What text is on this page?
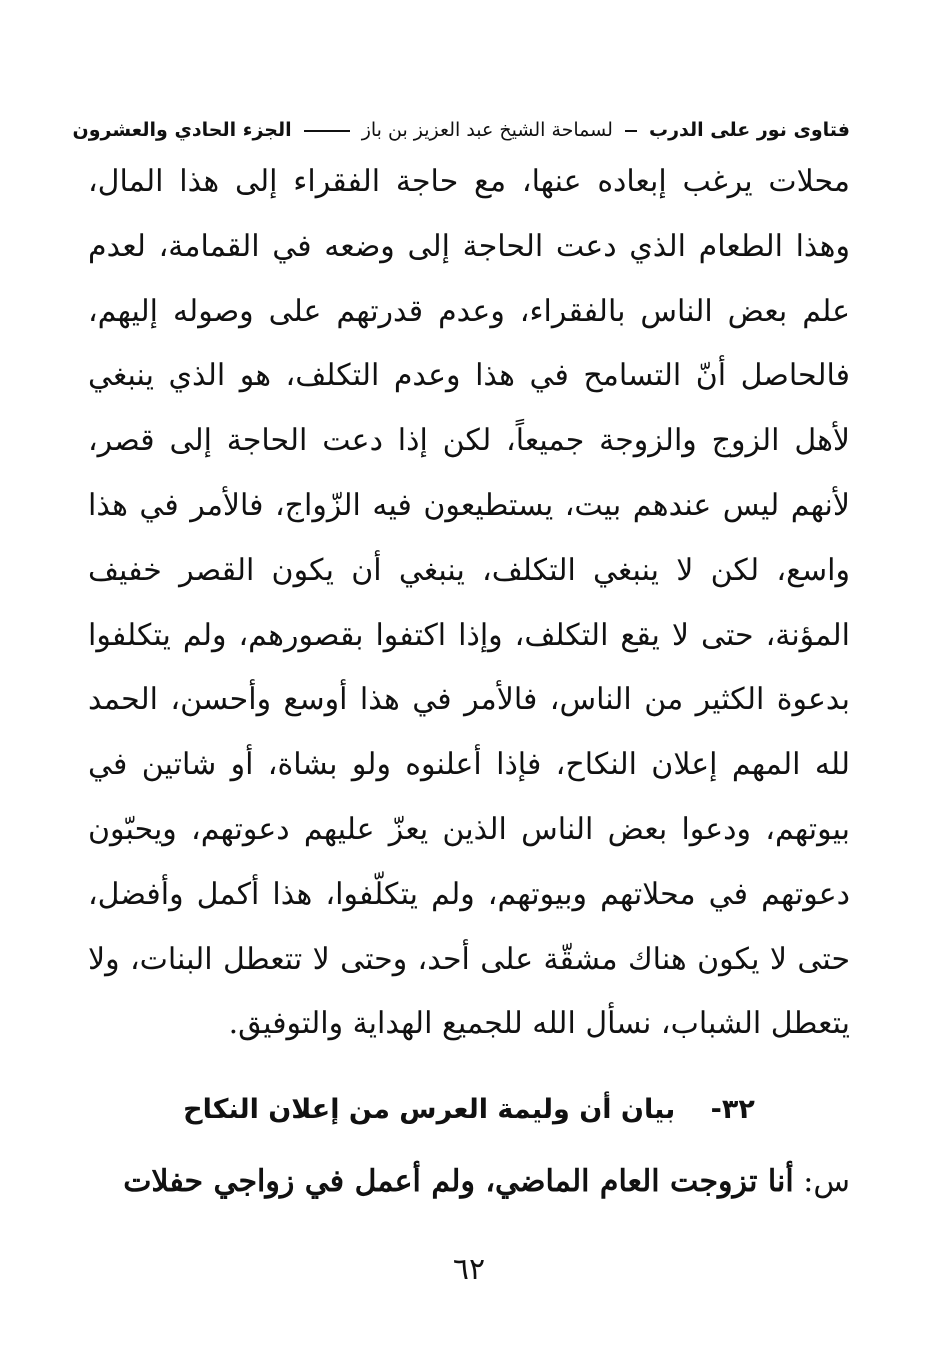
فتاوى نور على الدرب  لسماحة الشيخ عبد العزيز بن باز  الجزء الحادي والعشرون

محلات يرغب إبعاده عنها، مع حاجة الفقراء إلى هذا المال، وهذا الطعام الذي دعت الحاجة إلى وضعه في القمامة، لعدم علم بعض الناس بالفقراء، وعدم قدرتهم على وصوله إليهم، فالحاصل أنّ التسامح في هذا وعدم التكلف، هو الذي ينبغي لأهل الزوج والزوجة جميعاً، لكن إذا دعت الحاجة إلى قصر، لأنهم ليس عندهم بيت، يستطيعون فيه الزّواج، فالأمر في هذا واسع، لكن لا ينبغي التكلف، ينبغي أن يكون القصر خفيف المؤنة، حتى لا يقع التكلف، وإذا اكتفوا بقصورهم، ولم يتكلفوا بدعوة الكثير من الناس، فالأمر في هذا أوسع وأحسن، الحمد لله المهم إعلان النكاح، فإذا أعلنوه ولو بشاة، أو شاتين في بيوتهم، ودعوا بعض الناس الذين يعزّ عليهم دعوتهم، ويحبّون دعوتهم في محلاتهم وبيوتهم، ولم يتكلّفوا، هذا أكمل وأفضل، حتى لا يكون هناك مشقّة على أحد، وحتى لا تتعطل البنات، ولا يتعطل الشباب، نسأل الله للجميع الهداية والتوفيق.

٣٢- بيان أن وليمة العرس من إعلان النكاح
س: أنا تزوجت العام الماضي، ولم أعمل في زواجي حفلات
٦٢
